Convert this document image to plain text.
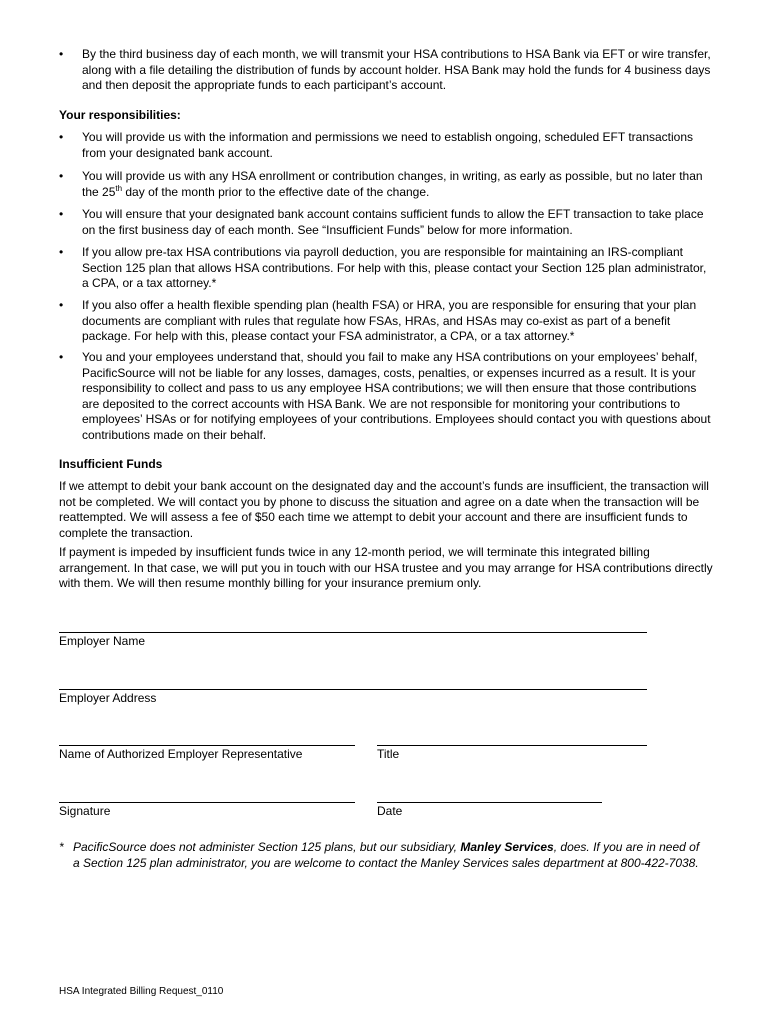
•	By the third business day of each month, we will transmit your HSA contributions to HSA Bank via EFT or wire transfer, along with a file detailing the distribution of funds by account holder. HSA Bank may hold the funds for 4 business days and then deposit the appropriate funds to each participant’s account.
Your responsibilities:
•	You will provide us with the information and permissions we need to establish ongoing, scheduled EFT transactions from your designated bank account.
•	You will provide us with any HSA enrollment or contribution changes, in writing, as early as possible, but no later than the 25th day of the month prior to the effective date of the change.
•	You will ensure that your designated bank account contains sufficient funds to allow the EFT transaction to take place on the first business day of each month. See “Insufficient Funds” below for more information.
•	If you allow pre-tax HSA contributions via payroll deduction, you are responsible for maintaining an IRS-compliant Section 125 plan that allows HSA contributions. For help with this, please contact your Section 125 plan administrator, a CPA, or a tax attorney.*
•	If you also offer a health flexible spending plan (health FSA) or HRA, you are responsible for ensuring that your plan documents are compliant with rules that regulate how FSAs, HRAs, and HSAs may co-exist as part of a benefit package. For help with this, please contact your FSA administrator, a CPA, or a tax attorney.*
•	You and your employees understand that, should you fail to make any HSA contributions on your employees’ behalf, PacificSource will not be liable for any losses, damages, costs, penalties, or expenses incurred as a result. It is your responsibility to collect and pass to us any employee HSA contributions; we will then ensure that those contributions are deposited to the correct accounts with HSA Bank. We are not responsible for monitoring your contributions to employees’ HSAs or for notifying employees of your contributions. Employees should contact you with questions about contributions made on their behalf.
Insufficient Funds
If we attempt to debit your bank account on the designated day and the account’s funds are insufficient, the transaction will not be completed. We will contact you by phone to discuss the situation and agree on a date when the transaction will be reattempted. We will assess a fee of $50 each time we attempt to debit your account and there are insufficient funds to complete the transaction.
If payment is impeded by insufficient funds twice in any 12-month period, we will terminate this integrated billing arrangement. In that case, we will put you in touch with our HSA trustee and you may arrange for HSA contributions directly with them. We will then resume monthly billing for your insurance premium only.
Employer Name
Employer Address
Name of Authorized Employer Representative	Title
Signature	Date
* PacificSource does not administer Section 125 plans, but our subsidiary, Manley Services, does. If you are in need of a Section 125 plan administrator, you are welcome to contact the Manley Services sales department at 800-422-7038.
HSA Integrated Billing Request_0110
